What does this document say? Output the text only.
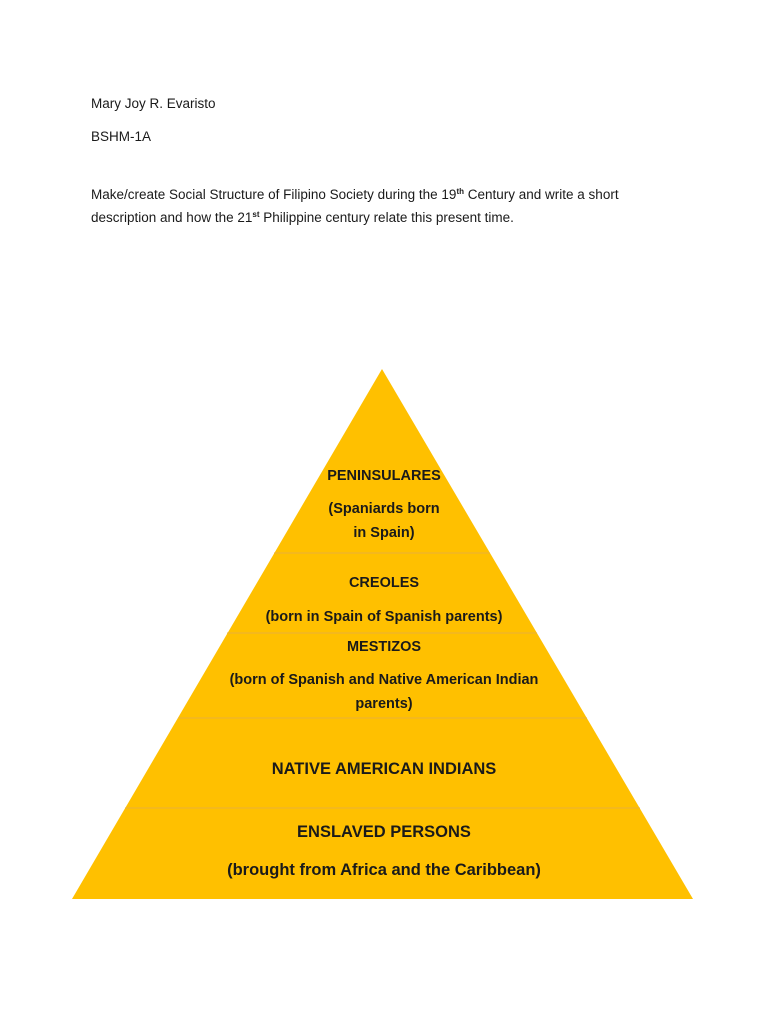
Mary Joy R. Evaristo
BSHM-1A
Make/create Social Structure of Filipino Society during the 19th Century and write a short
description and how the 21st Philippine century relate this present time.
PENINSULARES
(Spaniards born
in Spain)
CREOLES
(born in Spain of Spanish parents)
MESTIZOS
(born of Spanish and Native American Indian
parents)
NATIVE AMERICAN INDIANS
ENSLAVED PERSONS
(brought from Africa and the Caribbean)
